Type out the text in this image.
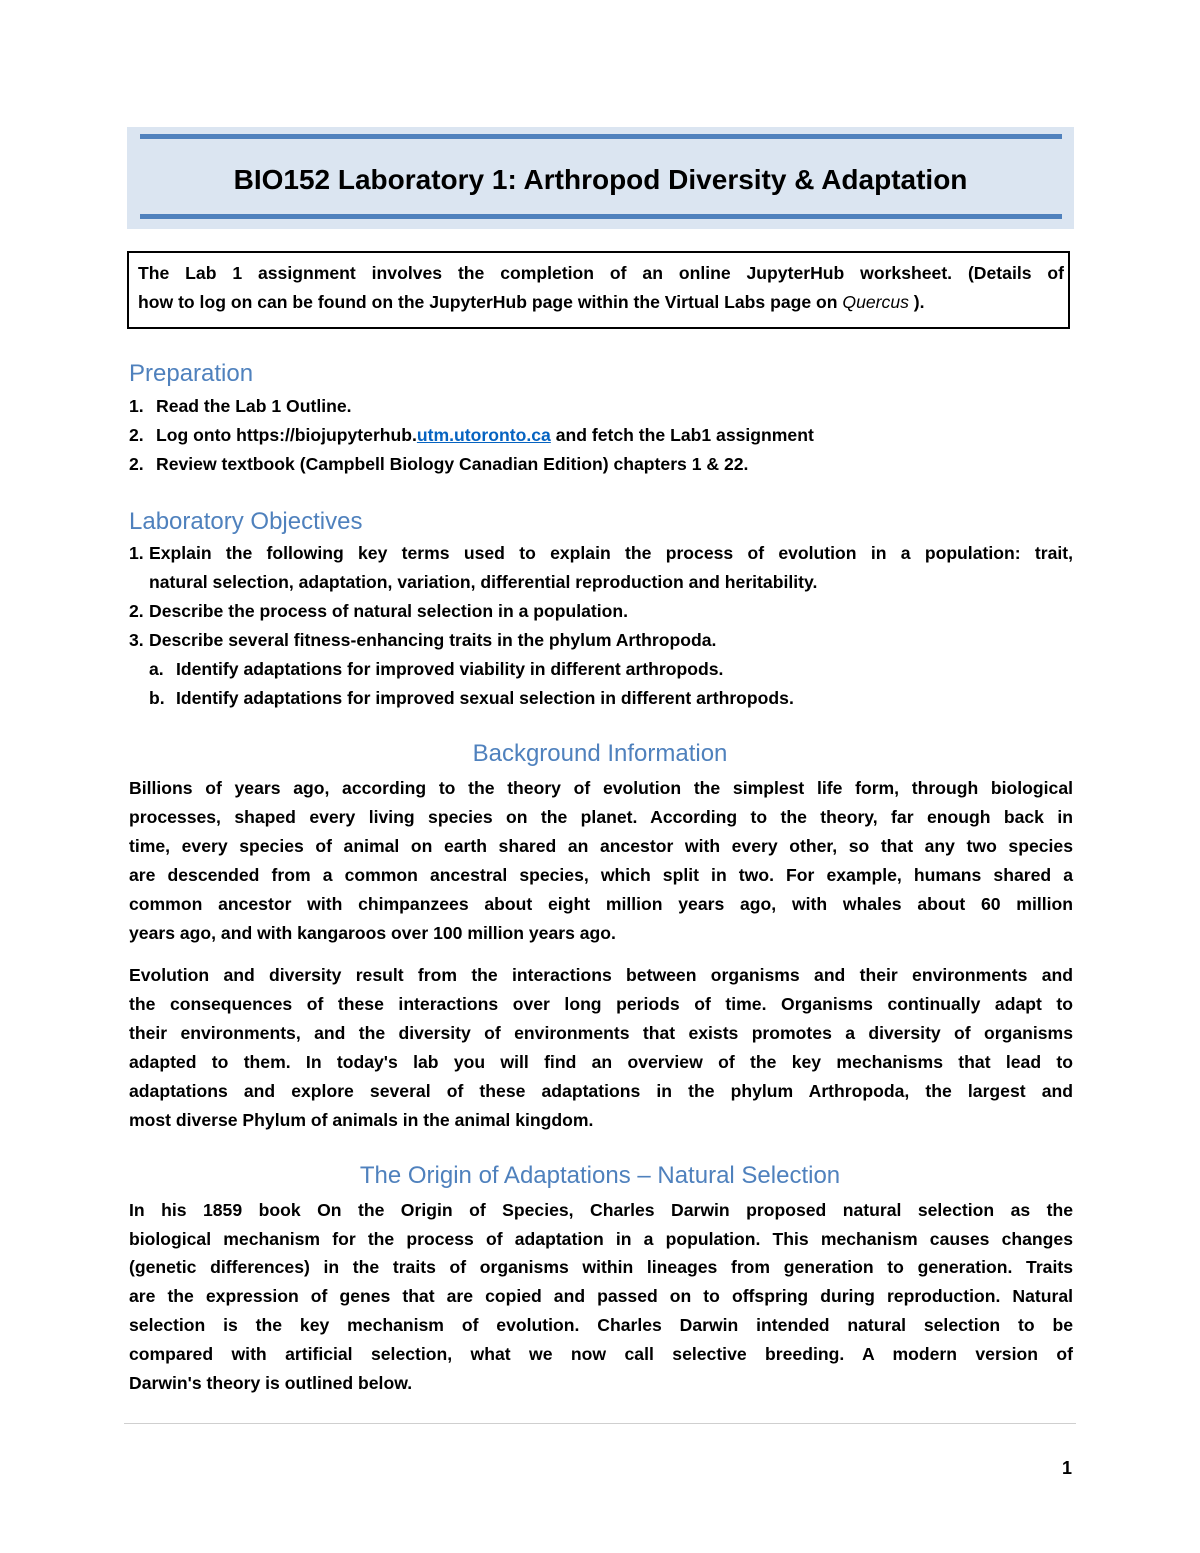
BIO152 Laboratory 1: Arthropod Diversity & Adaptation
The Lab 1 assignment involves the completion of an online JupyterHub worksheet. (Details of
how to log on can be found on the JupyterHub page within the Virtual Labs page on Quercus ).
Preparation
1. Read the Lab 1 Outline.
2. Log onto https://biojupyterhub.utm.utoronto.ca and fetch the Lab1 assignment
2. Review textbook (Campbell Biology Canadian Edition) chapters 1 & 22.
Laboratory Objectives
1. Explain the following key terms used to explain the process of evolution in a population: trait,
natural selection, adaptation, variation, differential reproduction and heritability.
2. Describe the process of natural selection in a population.
3. Describe several fitness-enhancing traits in the phylum Arthropoda.
a. Identify adaptations for improved viability in different arthropods.
b. Identify adaptations for improved sexual selection in different arthropods.
Background Information
Billions of years ago, according to the theory of evolution the simplest life form, through biological
processes, shaped every living species on the planet. According to the theory, far enough back in
time, every species of animal on earth shared an ancestor with every other, so that any two species
are descended from a common ancestral species, which split in two. For example, humans shared a
common ancestor with chimpanzees about eight million years ago, with whales about 60 million
years ago, and with kangaroos over 100 million years ago.
Evolution and diversity result from the interactions between organisms and their environments and
the consequences of these interactions over long periods of time. Organisms continually adapt to
their environments, and the diversity of environments that exists promotes a diversity of organisms
adapted to them. In today's lab you will find an overview of the key mechanisms that lead to
adaptations and explore several of these adaptations in the phylum Arthropoda, the largest and
most diverse Phylum of animals in the animal kingdom.
The Origin of Adaptations – Natural Selection
In his 1859 book On the Origin of Species, Charles Darwin proposed natural selection as the
biological mechanism for the process of adaptation in a population. This mechanism causes changes
(genetic differences) in the traits of organisms within lineages from generation to generation. Traits
are the expression of genes that are copied and passed on to offspring during reproduction. Natural
selection is the key mechanism of evolution. Charles Darwin intended natural selection to be
compared with artificial selection, what we now call selective breeding. A modern version of
Darwin's theory is outlined below.
1
